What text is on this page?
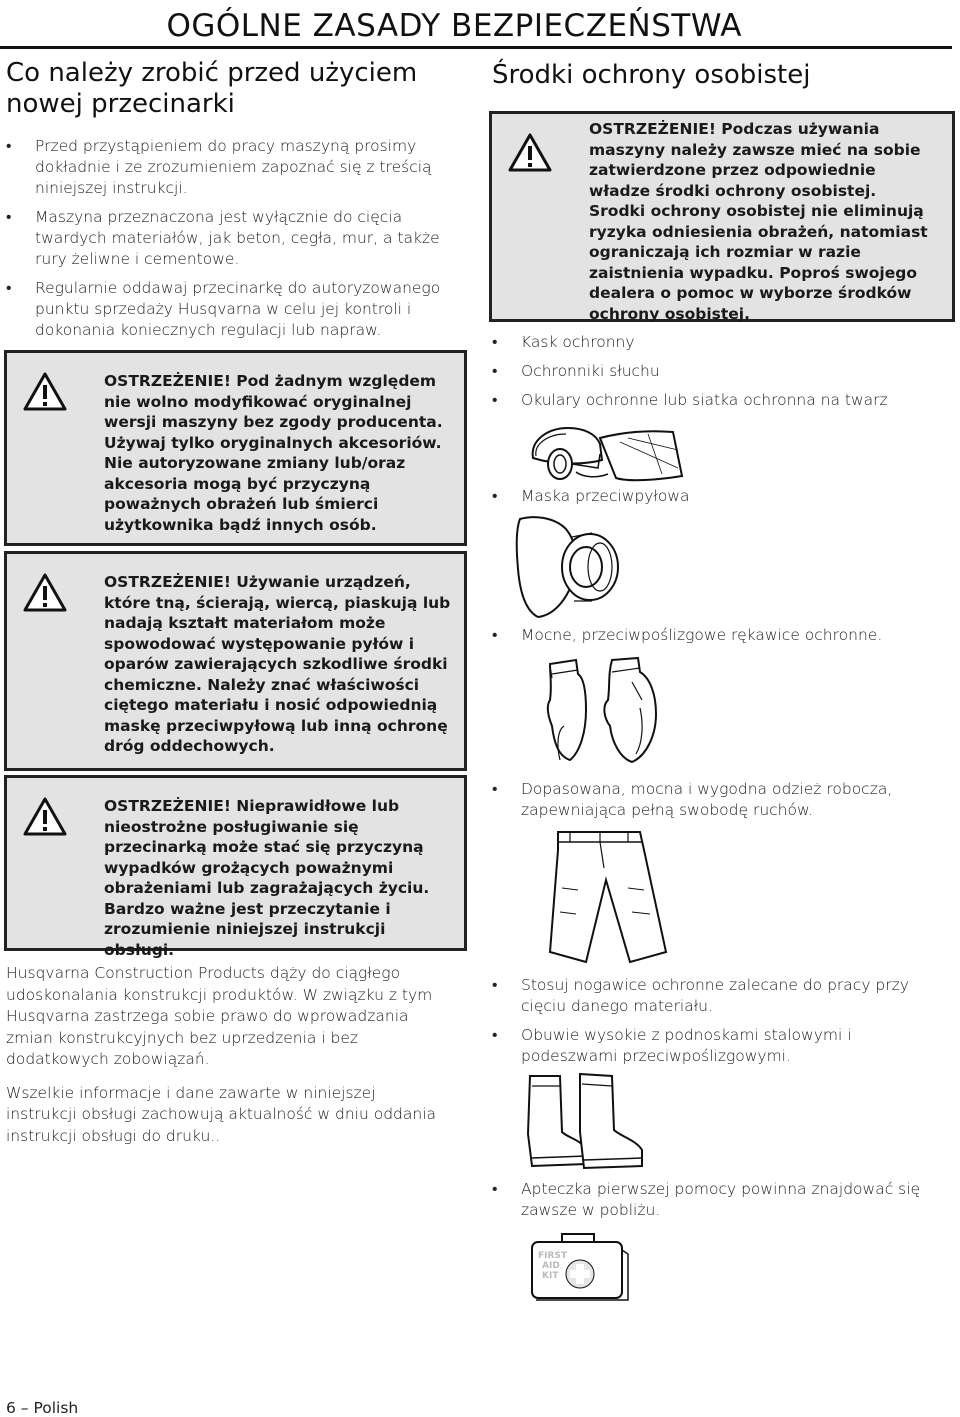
OGÓLNE ZASADY BEZPIECZEŃSTWA
Co należy zrobić przed użyciem nowej przecinarki
• Przed przystąpieniem do pracy maszyną prosimy dokładnie i ze zrozumieniem zapoznać się z treścią niniejszej instrukcji.
• Maszyna przeznaczona jest wyłącznie do cięcia twardych materiałów, jak beton, cegła, mur, a także rury żeliwne i cementowe.
• Regularnie oddawaj przecinarkę do autoryzowanego punktu sprzedaży Husqvarna w celu jej kontroli i dokonania koniecznych regulacji lub napraw.
OSTRZEŻENIE! Pod żadnym względem nie wolno modyfikować oryginalnej wersji maszyny bez zgody producenta. Używaj tylko oryginalnych akcesoriów. Nie autoryzowane zmiany lub/oraz akcesoria mogą być przyczyną poważnych obrażeń lub śmierci użytkownika bądź innych osób.
OSTRZEŻENIE! Używanie urządzeń, które tną, ścierają, wiercą, piaskują lub nadają kształt materiałom może spowodować występowanie pyłów i oparów zawierających szkodliwe środki chemiczne. Należy znać właściwości ciętego materiału i nosić odpowiednią maskę przeciwpyłową lub inną ochronę dróg oddechowych.
OSTRZEŻENIE! Nieprawidłowe lub nieostrożne posługiwanie się przecinarką może stać się przyczyną wypadków grożących poważnymi obrażeniami lub zagrażających życiu. Bardzo ważne jest przeczytanie i zrozumienie niniejszej instrukcji obsługi.

Husqvarna Construction Products dąży do ciągłego udoskonalania konstrukcji produktów. W związku z tym Husqvarna zastrzega sobie prawo do wprowadzania zmian konstrukcyjnych bez uprzedzenia i bez dodatkowych zobowiązań.

Wszelkie informacje i dane zawarte w niniejszej instrukcji obsługi zachowują aktualność w dniu oddania instrukcji obsługi do druku..

Środki ochrony osobistej
OSTRZEŻENIE! Podczas używania maszyny należy zawsze mieć na sobie zatwierdzone przez odpowiednie władze środki ochrony osobistej. Srodki ochrony osobistej nie eliminują ryzyka odniesienia obrażeń, natomiast ograniczają ich rozmiar w razie zaistnienia wypadku. Poproś swojego dealera o pomoc w wyborze środków ochrony osobistej.
• Kask ochronny
• Ochronniki słuchu
• Okulary ochronne lub siatka ochronna na twarz
• Maska przeciwpyłowa
• Mocne, przeciwpoślizgowe rękawice ochronne.
• Dopasowana, mocna i wygodna odzież robocza, zapewniająca pełną swobodę ruchów.
• Stosuj nogawice ochronne zalecane do pracy przy cięciu danego materiału.
• Obuwie wysokie z podnoskami stalowymi i podeszwami przeciwpoślizgowymi.
• Apteczka pierwszej pomocy powinna znajdować się zawsze w pobliżu.
FIRST
AID
KIT
6 – Polish
